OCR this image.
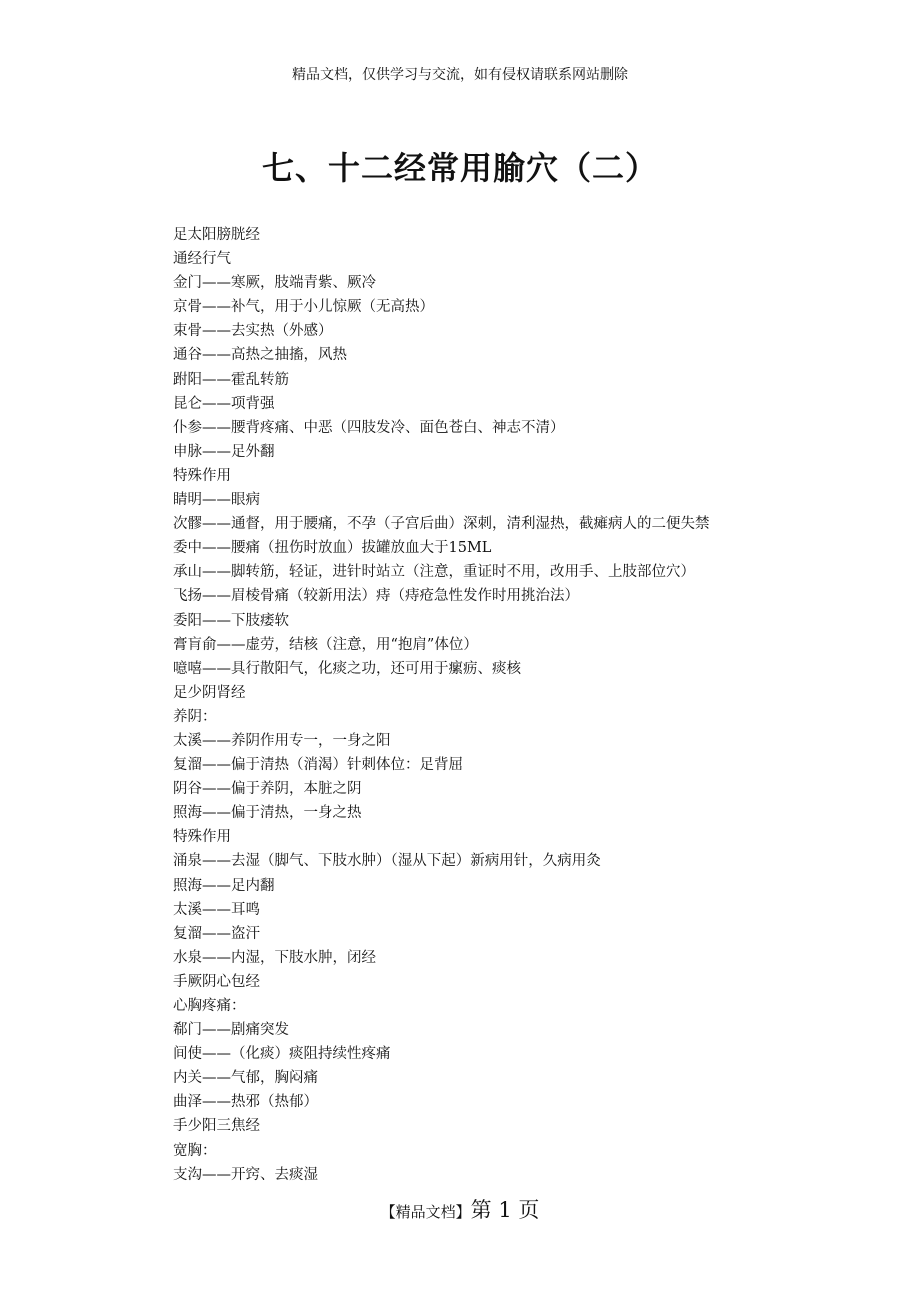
精品文档，仅供学习与交流，如有侵权请联系网站删除
七、十二经常用腧穴（二）
足太阳膀胱经
通经行气
金门——寒厥，肢端青紫、厥冷
京骨——补气，用于小儿惊厥（无高热）
束骨——去实热（外感）
通谷——高热之抽搐，风热
跗阳——霍乱转筋
昆仑——项背强
仆参——腰背疼痛、中恶（四肢发冷、面色苍白、神志不清）
申脉——足外翻
特殊作用
睛明——眼病
次髎——通督，用于腰痛，不孕（子宫后曲）深刺，清利湿热，截瘫病人的二便失禁
委中——腰痛（扭伤时放血）拔罐放血大于15ML
承山——脚转筋，轻证，进针时站立（注意，重证时不用，改用手、上肢部位穴）
飞扬——眉棱骨痛（较新用法）痔（痔疮急性发作时用挑治法）
委阳——下肢痿软
膏肓俞——虚劳，结核（注意，用“抱肩”体位）
噫嘻——具行散阳气，化痰之功，还可用于瘰疬、痰核
足少阴肾经
养阴：
太溪——养阴作用专一，一身之阳
复溜——偏于清热（消渴）针刺体位：足背屈
阴谷——偏于养阴，本脏之阴
照海——偏于清热，一身之热
特殊作用
涌泉——去湿（脚气、下肢水肿）（湿从下起）新病用针，久病用灸
照海——足内翻
太溪——耳鸣
复溜——盗汗
水泉——内湿，下肢水肿，闭经
手厥阴心包经
心胸疼痛：
郗门——剧痛突发
间使——（化痰）痰阻持续性疼痛
内关——气郁，胸闷痛
曲泽——热邪（热郁）
手少阳三焦经
宽胸：
支沟——开窍、去痰湿
【精品文档】第 1 页
